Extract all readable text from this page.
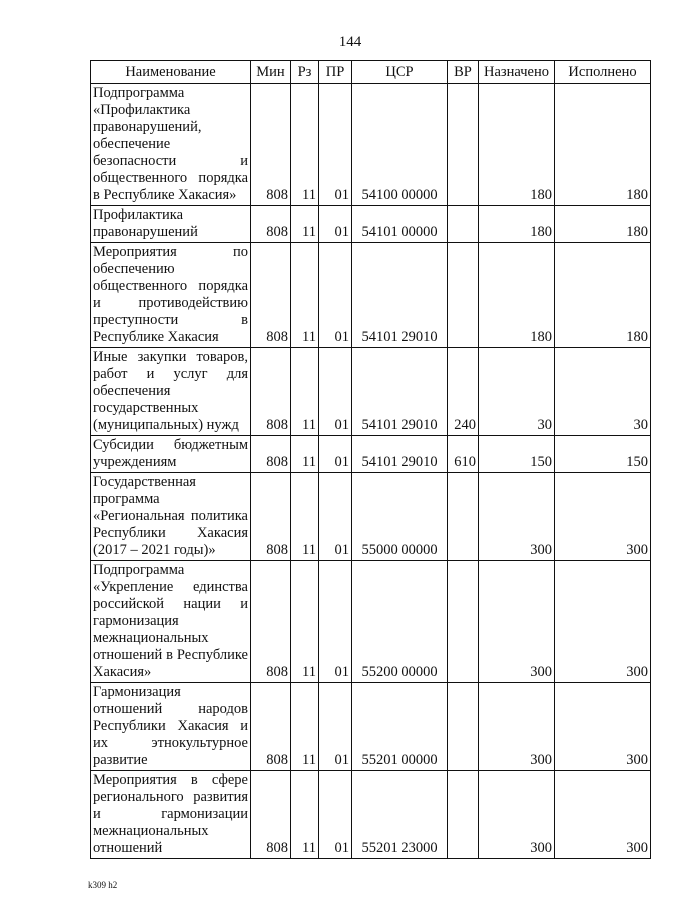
144
Наименование	Мин	Рз	ПР	ЦСР	ВР	Назначено	Исполнено
Подпрограмма «Профилактика правонарушений, обеспечение безопасности и общественного порядка в Республике Хакасия»	808	11	01	54100 00000		180	180
Профилактика правонарушений	808	11	01	54101 00000		180	180
Мероприятия по обеспечению общественного порядка и противодействию преступности в Республике Хакасия	808	11	01	54101 29010		180	180
Иные закупки товаров, работ и услуг для обеспечения государственных (муниципальных) нужд	808	11	01	54101 29010	240	30	30
Субсидии бюджетным учреждениям	808	11	01	54101 29010	610	150	150
Государственная программа «Региональная политика Республики Хакасия (2017 – 2021 годы)»	808	11	01	55000 00000		300	300
Подпрограмма «Укрепление единства российской нации и гармонизация межнациональных отношений в Республике Хакасия»	808	11	01	55200 00000		300	300
Гармонизация отношений народов Республики Хакасия и их этнокультурное развитие	808	11	01	55201 00000		300	300
Мероприятия в сфере регионального развития и гармонизации межнациональных отношений	808	11	01	55201 23000		300	300
k309 h2
